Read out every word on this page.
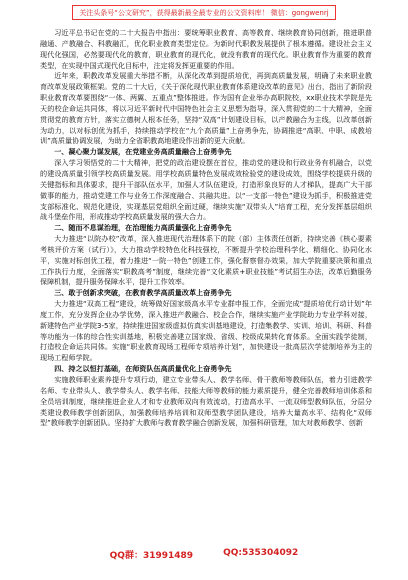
关注头条号“公文研究”，获得最新最全最专业的公文资料库！ 微信：gongwenrj

习近平总书记在党的二十大报告中指出：要统筹职业教育、高等教育、继续教育协同创新，推进职普融通、产教融合、科教融汇，优化职业教育类型定位。为新时代职教发展提供了根本遵循。建设社会主义现代化强国，必然要现代化的教育，职业教育的现代化，就没有教育的现代化。职业教育作为重要的教育类型，在实现中国式现代化目标中，注定将发挥更重要的作用。

近年来，职教改革发展重大举措不断，从深化改革到提质培优，再到高质量发展，明确了未来职业教育改革发展政策框架。党的二十大后，《关于深化现代职业教育体系建设改革的意见》出台，指出了新阶段职业教育改革要围绕“一体、两翼、五重点”整体推进。作为国有企业举办高职院校，xx职业技术学院是先天的校企命运共同体，将以习近平新时代中国特色社会主义思想为指导，深入贯彻党的二十大精神，全面贯彻党的教育方针，落实立德树人根本任务，坚持“双高”计划建设目标，以产教融合为主线，以改革创新为动力，以对标创优为抓手，持续推动学校在“九个高质量”上奋勇争先，协调推进“高职、中职、成教培训”高质量协调发展，为助力全省职教高地建设作出新的更大贡献。

一、凝心聚力谋发展，在党建业务高质量融合上奋勇争先

深入学习领悟党的二十大精神，把党的政治建设摆在首位，推动党的建设和行政业务有机融合，以党的建设高质量引领学校高质量发展。用学校高质量特色发展成效检验党的建设成效，围绕学校提质升级的关键指标和具体要求，提升干部队伍水平，加强人才队伍建设，打造形象良好的人才梯队，提高广大干部做事的能力，推动党建工作与业务工作深度融合、共融共进。以“一支部一特色”建设为抓手，积极推进党支部标准化、规范化建设，实现基层党组织全面过硬，继续实施“双带头人”培育工程，充分发挥基层组织战斗堡垒作用，形成推动学校高质量发展的强大合力。

二、随而不息谋治理，在治理能力高质量强化上奋勇争先

大力推进“以院办校”改革，深入推进现代治理体系下的院（部）主体责任创新，持续完善《核心要素考核评价方案（试行）》，大力推动学校特色化科技强校，不断提升学校治理科学化、精细化、协同化水平，实施对标创优工程，着力推进“一院一特色”创建工作，强化督察督办效果，加大学院重要决策和重点工作执行力度，全面落实“职教高考”制度，继续完善“文化素质+职业技能”考试招生办法，改革后勤服务保障机制，提升服务保障水平，提升工作效率。

三、敢于创新求突破，在教育教学高质量改革上奋勇争先

大力推进“双高工程”建设，统筹做好国家级高水平专业群申报工作，全面完成“提质培优行动计划”年度工作，充分发挥企业办学优势，深入推进产教融合、校企合作，继续实施产业学院助力专业学科对接，新建特色产业学院3-5家，持续推进国家级虚拟仿真实训基地建设，打造集教学、实训、培训、科研、科普等功能为一体的综合性实训基地，积极完善建立国家级、省级、校级成果转化育体系。全面实践学徒制，打造校企命运共同体。实施“职业教育现场工程师专项培养计划”，加快建设一批高层次学徒制培养为主的现场工程师学院。

四、持之以恒打基础，在师资队伍高质量优化上奋勇争先

实施教师职业素养提升专项行动，建立专业带头人、教学名师、骨干教师等教师队伍，着力引进教学名师、专业带头人、教学带头人、教学名师、技能大师等教师的能力素质提升，健全完善教师培训体系和全员培训制度，继续推进企业人才和专业教师双向有效流动，打造高水平、一流双师型教师队伍，分层分类建设教师教学创新团队，加强教师培养培训和双师型教学团队建设，培养大量高水平、结构化“双师型”教师教学创新团队。坚持扩大教师与教育教学融合创新发展，加强科研管理，加大对教师教学、创新

QQ群：31991489	QQ:535304092
